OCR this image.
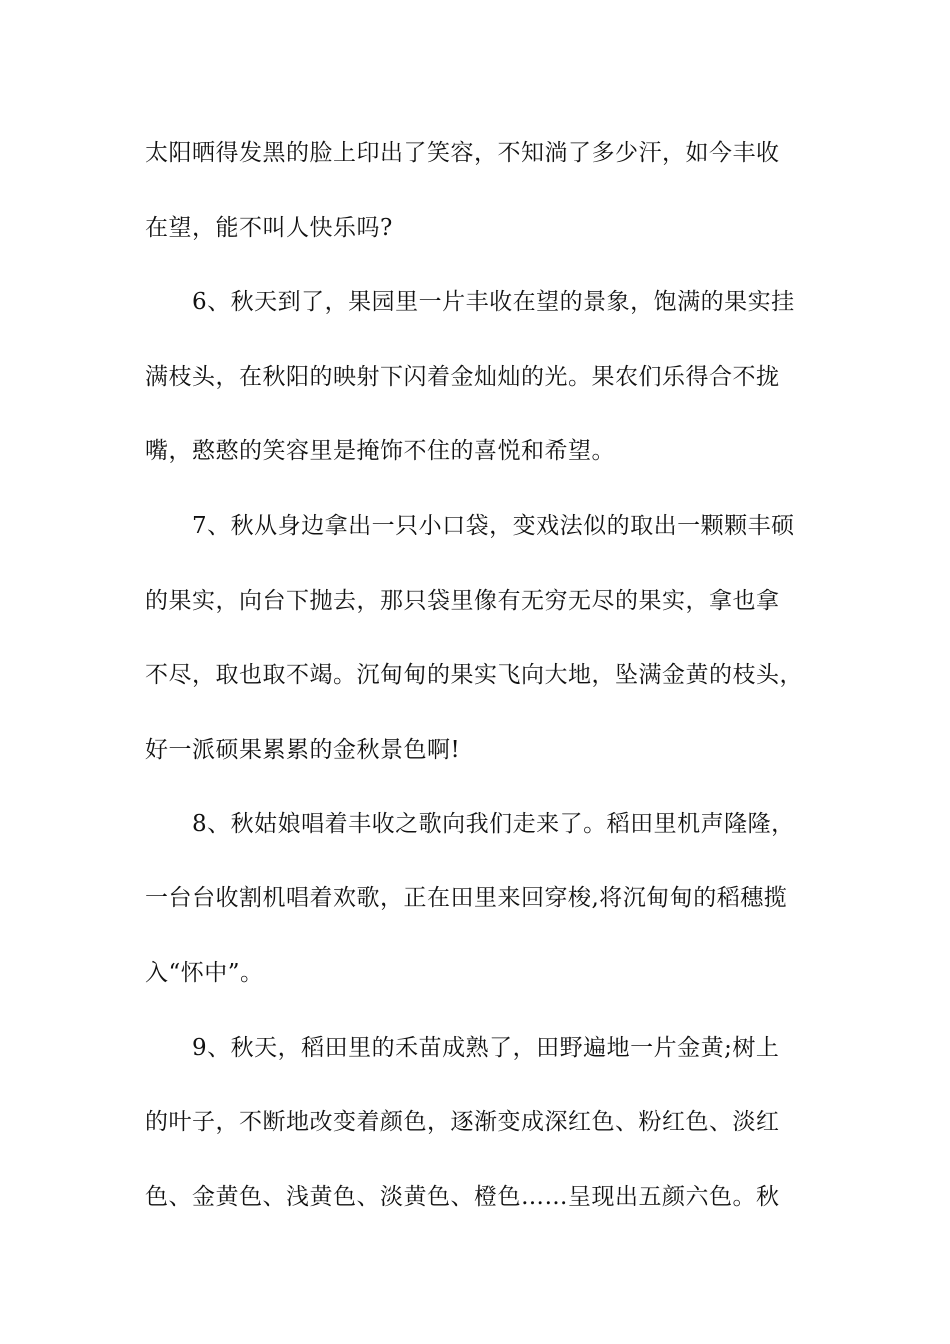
太阳晒得发黑的脸上印出了笑容，不知淌了多少汗，如今丰收
在望，能不叫人快乐吗?
6、秋天到了，果园里一片丰收在望的景象，饱满的果实挂
满枝头，在秋阳的映射下闪着金灿灿的光。果农们乐得合不拢
嘴，憨憨的笑容里是掩饰不住的喜悦和希望。
7、秋从身边拿出一只小口袋，变戏法似的取出一颗颗丰硕
的果实，向台下抛去，那只袋里像有无穷无尽的果实，拿也拿
不尽，取也取不竭。沉甸甸的果实飞向大地，坠满金黄的枝头，
好一派硕果累累的金秋景色啊!
8、秋姑娘唱着丰收之歌向我们走来了。稻田里机声隆隆，
一台台收割机唱着欢歌，正在田里来回穿梭,将沉甸甸的稻穗揽
入“怀中”。
9、秋天，稻田里的禾苗成熟了，田野遍地一片金黄;树上
的叶子，不断地改变着颜色，逐渐变成深红色、粉红色、淡红
色、金黄色、浅黄色、淡黄色、橙色……呈现出五颜六色。秋
